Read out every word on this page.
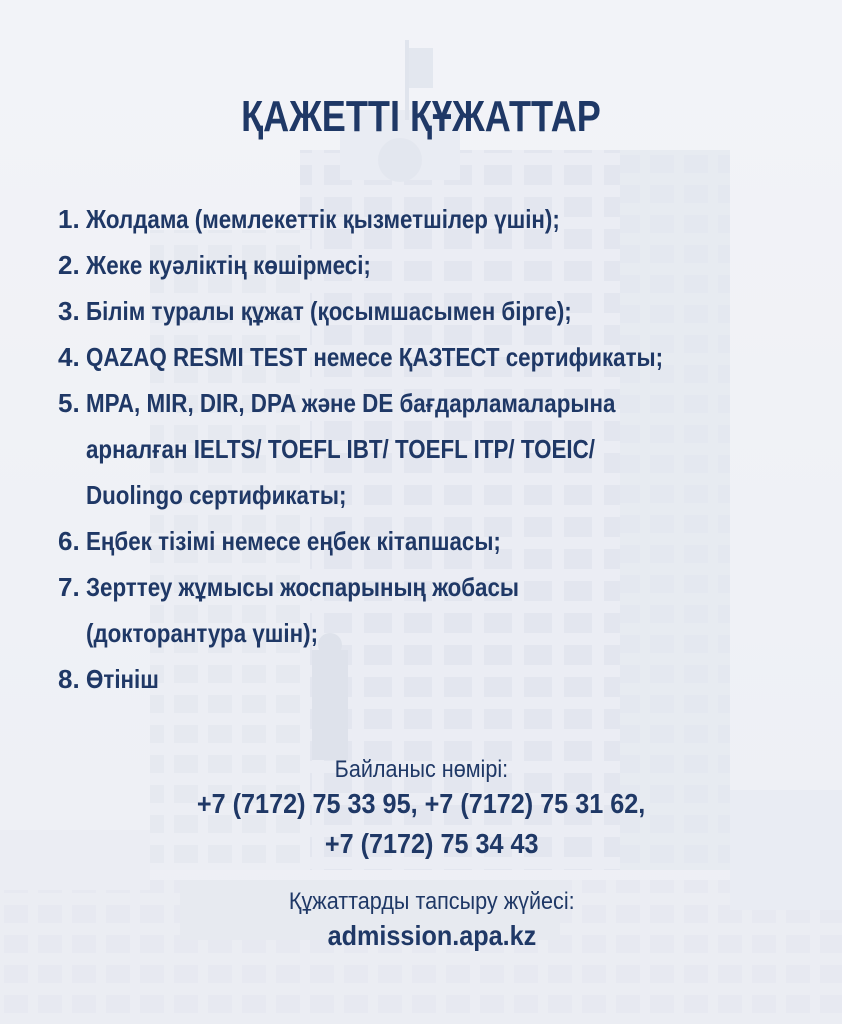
ҚАЖЕТТІ ҚҰЖАТТАР
1. Жолдама (мемлекеттік қызметшілер үшін);
2. Жеке куәліктің көшірмесі;
3. Білім туралы құжат (қосымшасымен бірге);
4. QAZAQ RESMI TEST немесе ҚАЗТЕСТ сертификаты;
5. MPA, MIR, DIR, DPA және DE бағдарламаларына
арналған IELTS/ TOEFL IBT/ TOEFL ITP/ TOEIC/
Duolingo сертификаты;
6. Еңбек тізімі немесе еңбек кітапшасы;
7. Зерттеу жұмысы жоспарының жобасы
(докторантура үшін);
8. Өтініш
Байланыс нөмірі:
+7 (7172) 75 33 95, +7 (7172) 75 31 62,
+7 (7172) 75 34 43
Құжаттарды тапсыру жүйесі:
admission.apa.kz
